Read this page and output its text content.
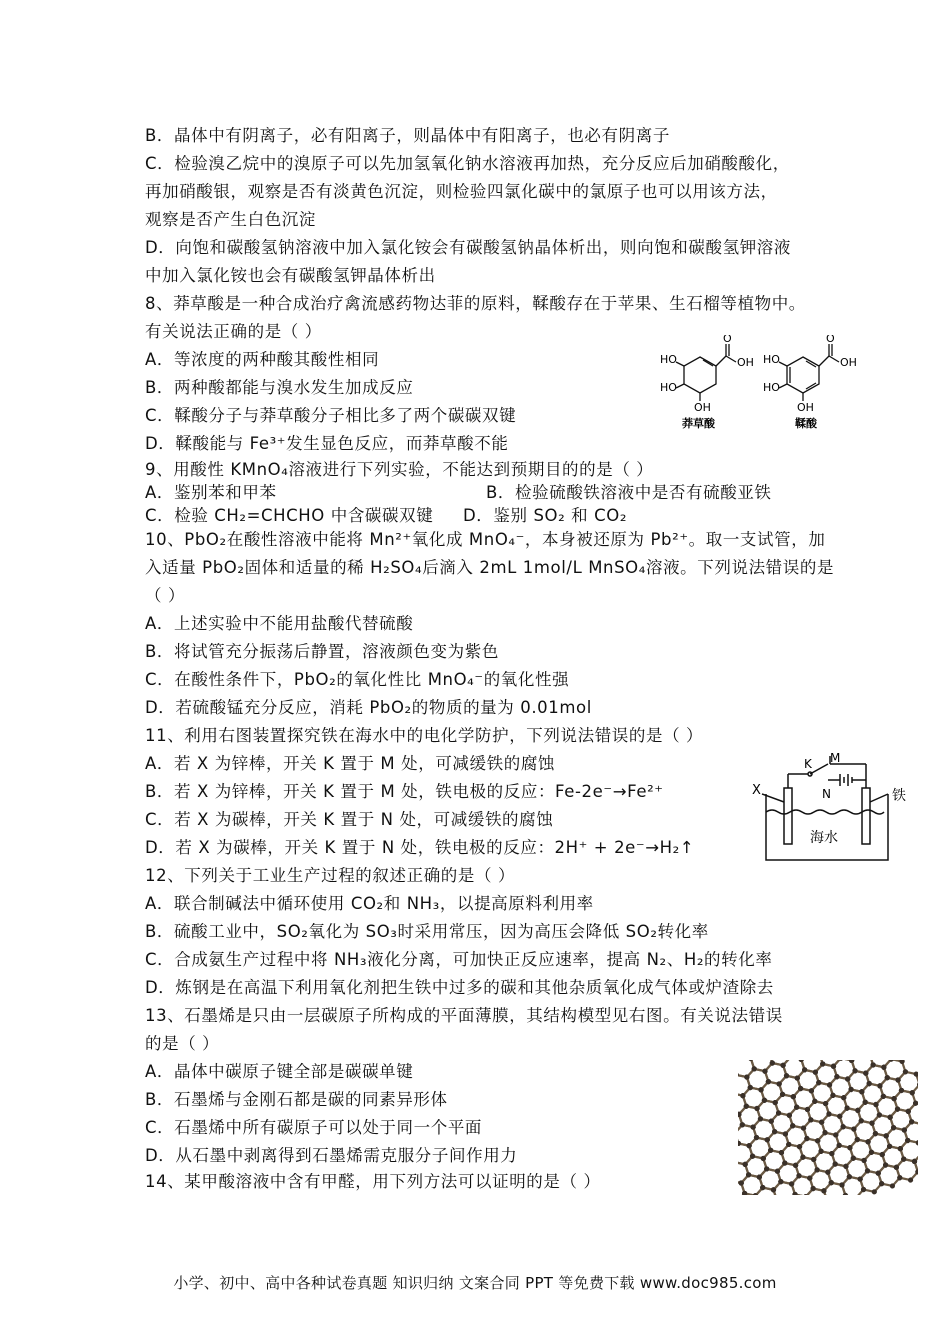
B．晶体中有阴离子，必有阳离子，则晶体中有阳离子，也必有阴离子
C．检验溴乙烷中的溴原子可以先加氢氧化钠水溶液再加热，充分反应后加硝酸酸化，
再加硝酸银，观察是否有淡黄色沉淀，则检验四氯化碳中的氯原子也可以用该方法，
观察是否产生白色沉淀
D．向饱和碳酸氢钠溶液中加入氯化铵会有碳酸氢钠晶体析出，则向饱和碳酸氢钾溶液
中加入氯化铵也会有碳酸氢钾晶体析出
8、莽草酸是一种合成治疗禽流感药物达菲的原料，鞣酸存在于苹果、生石榴等植物中。
有关说法正确的是（ ）
A．等浓度的两种酸其酸性相同
B．两种酸都能与溴水发生加成反应
C．鞣酸分子与莽草酸分子相比多了两个碳碳双键
D．鞣酸能与 Fe³⁺发生显色反应，而莽草酸不能
9、用酸性 KMnO₄溶液进行下列实验，不能达到预期目的的是（ ）
A．鉴别苯和甲苯	B．检验硫酸铁溶液中是否有硫酸亚铁
C．检验 CH₂=CHCHO 中含碳碳双键 D．鉴别 SO₂ 和 CO₂
10、PbO₂在酸性溶液中能将 Mn²⁺氧化成 MnO₄⁻，本身被还原为 Pb²⁺。取一支试管，加
入适量 PbO₂固体和适量的稀 H₂SO₄后滴入 2mL 1mol/L MnSO₄溶液。下列说法错误的是
（ ）
A．上述实验中不能用盐酸代替硫酸
B．将试管充分振荡后静置，溶液颜色变为紫色
C．在酸性条件下，PbO₂的氧化性比 MnO₄⁻的氧化性强
D．若硫酸锰充分反应，消耗 PbO₂的物质的量为 0.01mol
11、利用右图装置探究铁在海水中的电化学防护，下列说法错误的是（ ）
A．若 X 为锌棒，开关 K 置于 M 处，可减缓铁的腐蚀
B．若 X 为锌棒，开关 K 置于 M 处，铁电极的反应：Fe-2e⁻→Fe²⁺
C．若 X 为碳棒，开关 K 置于 N 处，可减缓铁的腐蚀
D．若 X 为碳棒，开关 K 置于 N 处，铁电极的反应：2H⁺ + 2e⁻→H₂↑
12、下列关于工业生产过程的叙述正确的是（ ）
A．联合制碱法中循环使用 CO₂和 NH₃，以提高原料利用率
B．硫酸工业中，SO₂氧化为 SO₃时采用常压，因为高压会降低 SO₂转化率
C．合成氨生产过程中将 NH₃液化分离，可加快正反应速率，提高 N₂、H₂的转化率
D．炼钢是在高温下利用氧化剂把生铁中过多的碳和其他杂质氧化成气体或炉渣除去
13、石墨烯是只由一层碳原子所构成的平面薄膜，其结构模型见右图。有关说法错误
的是（ ）
A．晶体中碳原子键全部是碳碳单键
B．石墨烯与金刚石都是碳的同素异形体
C．石墨烯中所有碳原子可以处于同一个平面
D．从石墨中剥离得到石墨烯需克服分子间作用力
14、某甲酸溶液中含有甲醛，用下列方法可以证明的是（ ）
O
OH
HO
HO
OH
莽草酸
O
OH
HO
HO
OH
鞣酸
X
K M
N	铁
海水
小学、初中、高中各种试卷真题 知识归纳 文案合同 PPT 等免费下载 www.doc985.com
